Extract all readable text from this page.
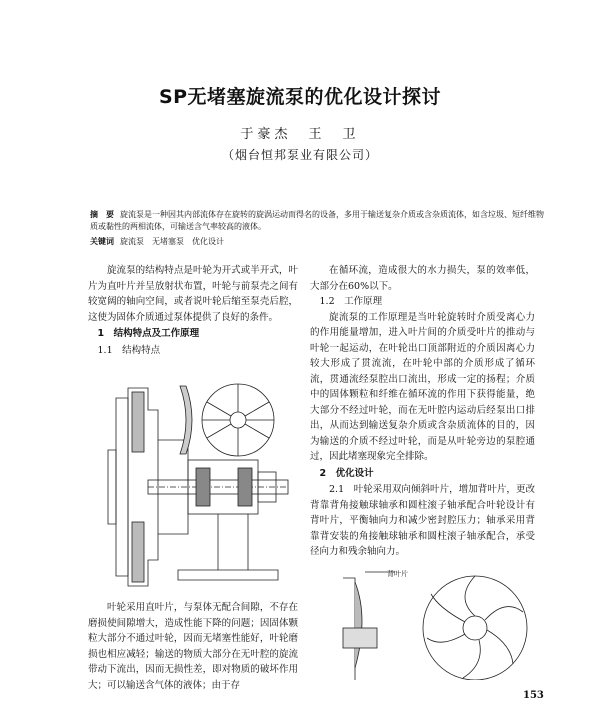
SP无堵塞旋流泵的优化设计探讨
于豪杰　王　卫
（烟台恒邦泵业有限公司）
摘　要 旋流泵是一种因其内部流体存在旋转的旋涡运动而得名的设备，多用于输送复杂介质或含杂质流体，如含垃圾、短纤维物质或黏性的两相流体，可输送含气率较高的液体。
关键词 旋流泵　无堵塞泵　优化设计

旋流泵的结构特点是叶轮为开式或半开式，叶片为直叶片并呈放射状布置，叶轮与前泵壳之间有较宽阔的轴向空间，或者说叶轮后缩至泵壳后腔，这使为固体介质通过泵体提供了良好的条件。

1　结构特点及工作原理
1.1　结构特点

叶轮采用直叶片，与泵体无配合间隙，不存在磨损使间隙增大，造成性能下降的问题；因固体颗粒大部分不通过叶轮，因而无堵塞性能好，叶轮磨损也相应减轻；输送的物质大部分在无叶腔的旋流带动下流出，因而无损性差，即对物质的破坏作用大；可以输送含气体的液体；由于存

在循环流，造成很大的水力损失，泵的效率低，大部分在60%以下。

1.2　工作原理

旋流泵的工作原理是当叶轮旋转时介质受离心力的作用能量增加，进入叶片间的介质受叶片的推动与叶轮一起运动，在叶轮出口顶部附近的介质因离心力较大形成了贯流流，在叶轮中部的介质形成了循环流，贯通流经泵腔出口流出，形成一定的扬程；介质中的固体颗粒和纤维在循环流的作用下获得能量，绝大部分不经过叶轮，而在无叶腔内运动后经泵出口排出，从而达到输送复杂介质或含杂质流体的目的，因为输送的介质不经过叶轮，而是从叶轮旁边的泵腔通过，因此堵塞现象完全排除。

2　优化设计

2.1　叶轮采用双向倾斜叶片，增加背叶片，更改背靠背角接触球轴承和圆柱滚子轴承配合叶轮设计有背叶片，平衡轴向力和减少密封腔压力；轴承采用背靠背安装的角接触球轴承和圆柱滚子轴承配合，承受径向力和残余轴向力。

背叶片
153
